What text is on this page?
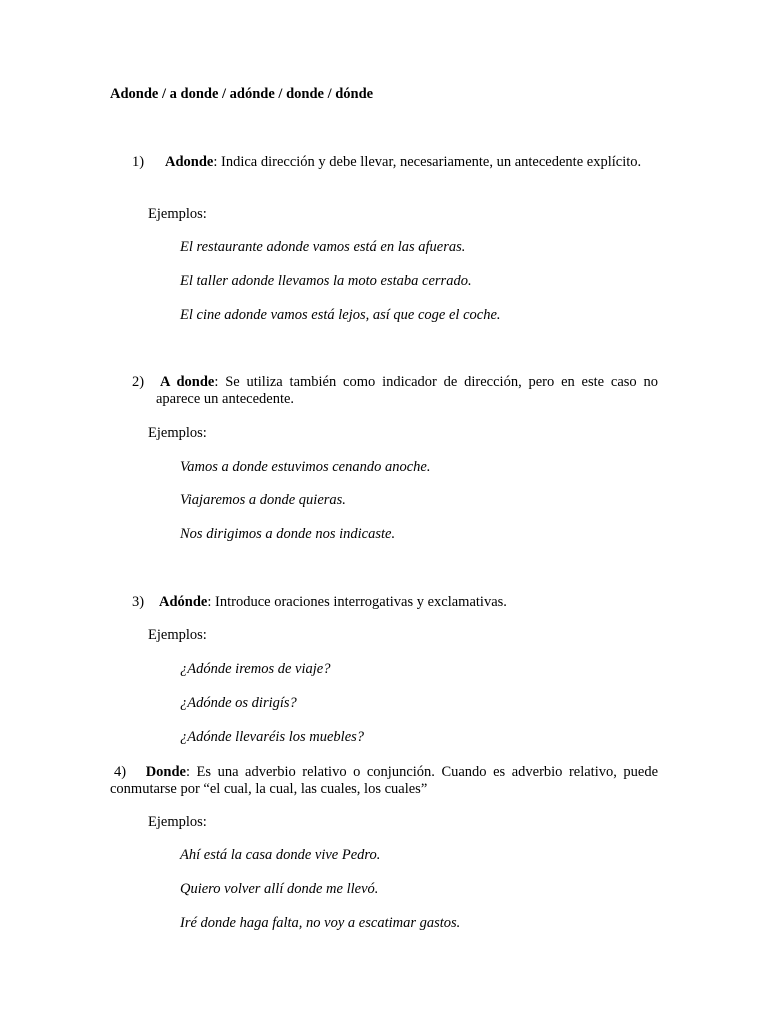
Adonde / a donde / adónde / donde / dónde
1)	Adonde: Indica dirección y debe llevar, necesariamente, un antecedente explícito.
Ejemplos:
El restaurante adonde vamos está en las afueras.
El taller adonde llevamos la moto estaba cerrado.
El cine adonde vamos está lejos, así que coge el coche.
2) A donde: Se utiliza también como indicador de dirección, pero en este caso no aparece un antecedente.
Ejemplos:
Vamos a donde estuvimos cenando anoche.
Viajaremos a donde quieras.
Nos dirigimos a donde nos indicaste.
3) Adónde: Introduce oraciones interrogativas y exclamativas.
Ejemplos:
¿Adónde iremos de viaje?
¿Adónde os dirigís?
¿Adónde llevaréis los muebles?
4) Donde: Es una adverbio relativo o conjunción. Cuando es adverbio relativo, puede conmutarse por “el cual, la cual, las cuales, los cuales”
Ejemplos:
Ahí está la casa donde vive Pedro.
Quiero volver allí donde me llevó.
Iré donde haga falta, no voy a escatimar gastos.
